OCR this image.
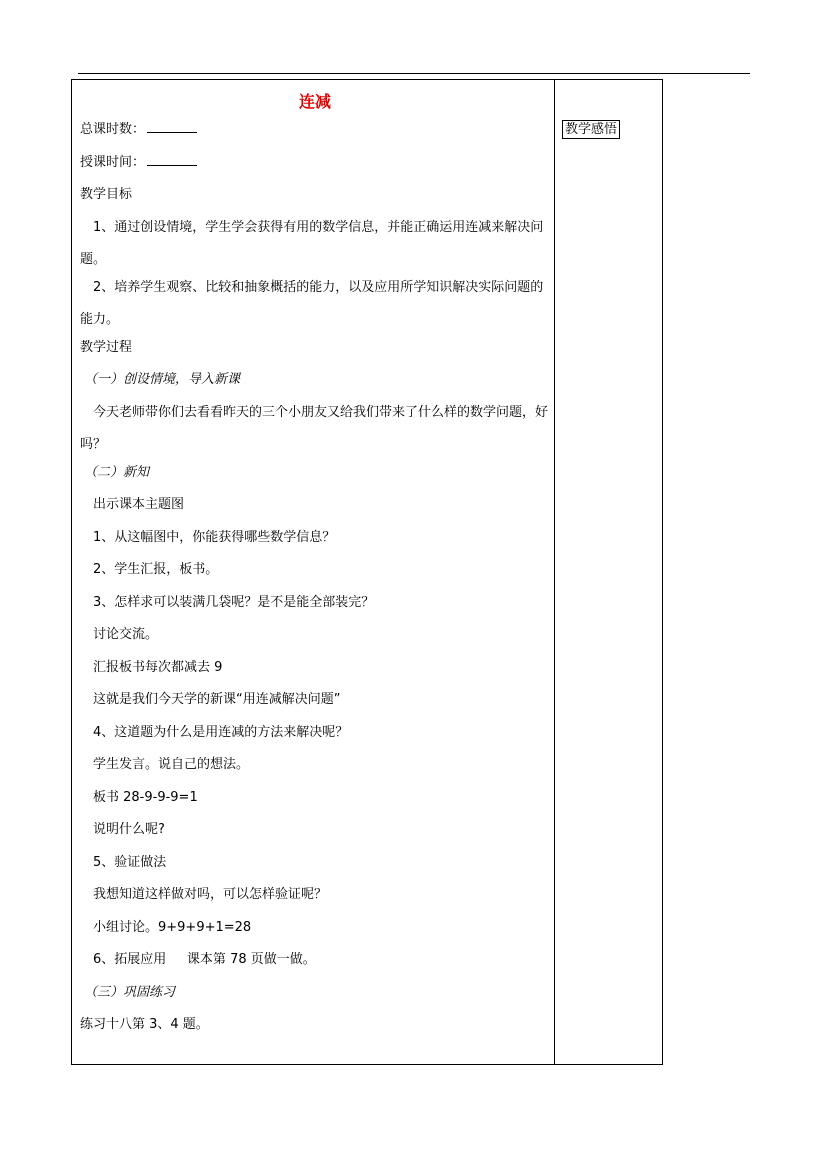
教学感悟
连减
总课时数：
授课时间：
教学目标
1、通过创设情境，学生学会获得有用的数学信息，并能正确运用连减来解决问题。
2、培养学生观察、比较和抽象概括的能力，以及应用所学知识解决实际问题的能力。
教学过程
（一）创设情境，导入新课
今天老师带你们去看看昨天的三个小朋友又给我们带来了什么样的数学问题，好吗？
（二）新知
出示课本主题图
1、从这幅图中，你能获得哪些数学信息？
2、学生汇报，板书。
3、怎样求可以装满几袋呢？是不是能全部装完？
讨论交流。
汇报板书每次都减去 9
这就是我们今天学的新课“用连减解决问题”
4、这道题为什么是用连减的方法来解决呢？
学生发言。说自己的想法。
板书 28-9-9-9=1
说明什么呢?
5、验证做法
我想知道这样做对吗，可以怎样验证呢？
小组讨论。9+9+9+1=28
6、拓展应用     课本第 78 页做一做。
（三）巩固练习
练习十八第 3、4 题。
